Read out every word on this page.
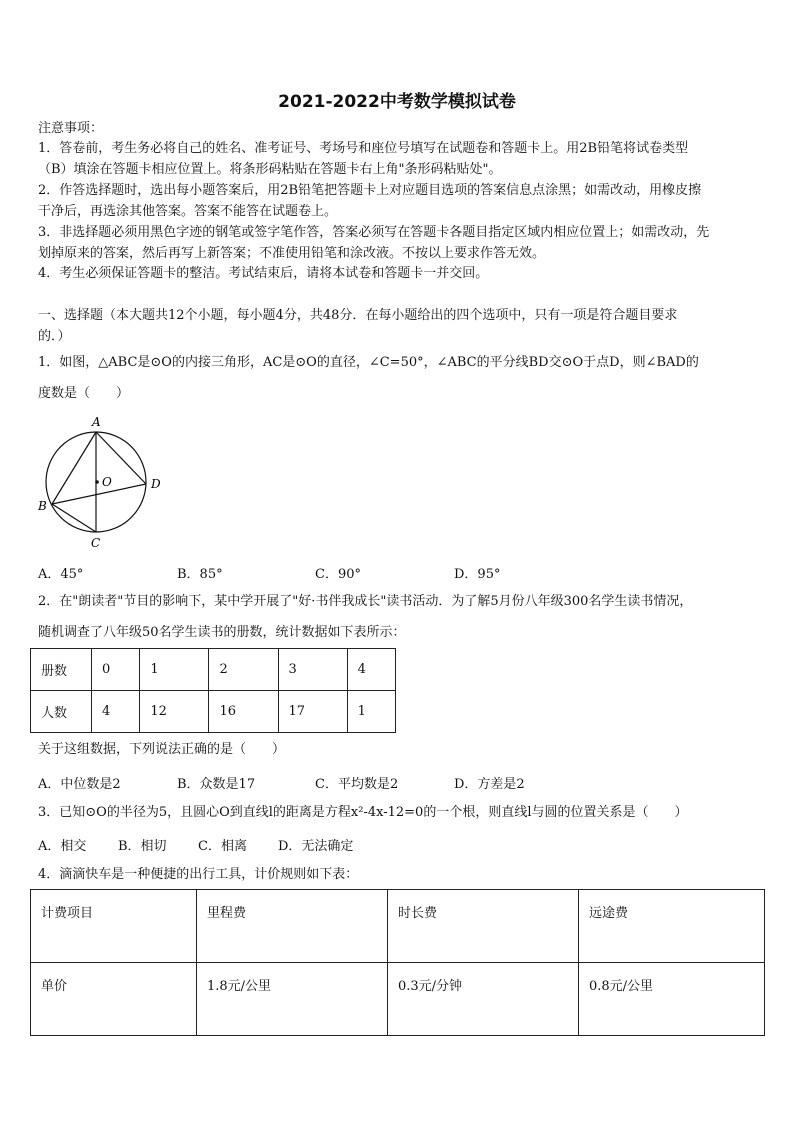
2021-2022中考数学模拟试卷
注意事项：
1．答卷前，考生务必将自己的姓名、准考证号、考场号和座位号填写在试题卷和答题卡上。用2B铅笔将试卷类型
（B）填涂在答题卡相应位置上。将条形码粘贴在答题卡右上角"条形码粘贴处"。
2．作答选择题时，选出每小题答案后，用2B铅笔把答题卡上对应题目选项的答案信息点涂黑；如需改动，用橡皮擦
干净后，再选涂其他答案。答案不能答在试题卷上。
3．非选择题必须用黑色字迹的钢笔或签字笔作答，答案必须写在答题卡各题目指定区域内相应位置上；如需改动，先
划掉原来的答案，然后再写上新答案；不准使用铅笔和涂改液。不按以上要求作答无效。
4．考生必须保证答题卡的整洁。考试结束后，请将本试卷和答题卡一并交回。
一、选择题（本大题共12个小题，每小题4分，共48分．在每小题给出的四个选项中，只有一项是符合题目要求
的．）
1．如图，△ABC是⊙O的内接三角形，AC是⊙O的直径，∠C=50°，∠ABC的平分线BD交⊙O于点D，则∠BAD的
度数是（　　）
A
O	D
B
C
A．45°	B．85°	C．90°	D．95°
2．在"朗读者"节目的影响下，某中学开展了"好·书伴我成长"读书活动．为了解5月份八年级300名学生读书情况，
随机调查了八年级50名学生读书的册数，统计数据如下表所示：
册数	0	1	2	3	4
人数	4	12	16	17	1
关于这组数据，下列说法正确的是（　　）
A．中位数是2	B．众数是17	C．平均数是2	D．方差是2
3．已知⊙O的半径为5，且圆心O到直线l的距离是方程x²-4x-12=0的一个根，则直线l与圆的位置关系是（　　）
A．相交 B．相切 C．相离 D．无法确定
4．滴滴快车是一种便捷的出行工具，计价规则如下表：
计费项目	里程费	时长费	远途费
单价	1.8元/公里	0.3元/分钟	0.8元/公里
